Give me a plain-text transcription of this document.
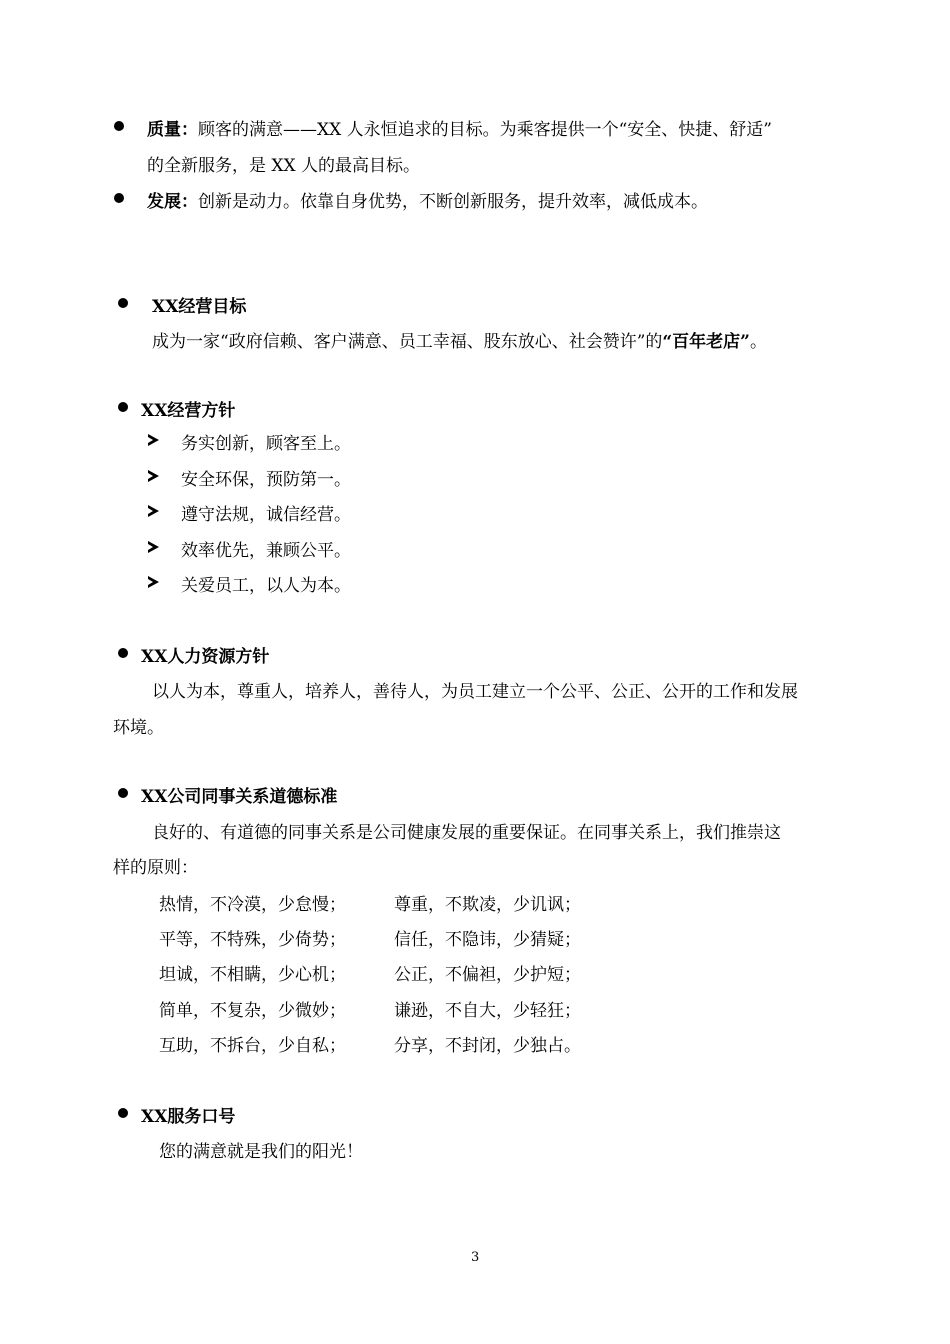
质量：顾客的满意——XX 人永恒追求的目标。为乘客提供一个“安全、快捷、舒适”
的全新服务，是 XX 人的最高目标。
发展：创新是动力。依靠自身优势，不断创新服务，提升效率，减低成本。
XX经营目标
成为一家“政府信赖、客户满意、员工幸福、股东放心、社会赞许”的“百年老店”。
XX经营方针
务实创新，顾客至上。
安全环保，预防第一。
遵守法规，诚信经营。
效率优先，兼顾公平。
关爱员工，以人为本。
XX人力资源方针
以人为本，尊重人，培养人，善待人，为员工建立一个公平、公正、公开的工作和发展
环境。
XX公司同事关系道德标准
良好的、有道德的同事关系是公司健康发展的重要保证。在同事关系上，我们推崇这
样的原则：
热情，不冷漠，少怠慢；	尊重，不欺凌，少讥讽；
平等，不特殊，少倚势；	信任，不隐讳，少猜疑；
坦诚，不相瞒，少心机；	公正，不偏袒，少护短；
简单，不复杂，少微妙；	谦逊，不自大，少轻狂；
互助，不拆台，少自私；	分享，不封闭，少独占。
XX服务口号
您的满意就是我们的阳光！
3
